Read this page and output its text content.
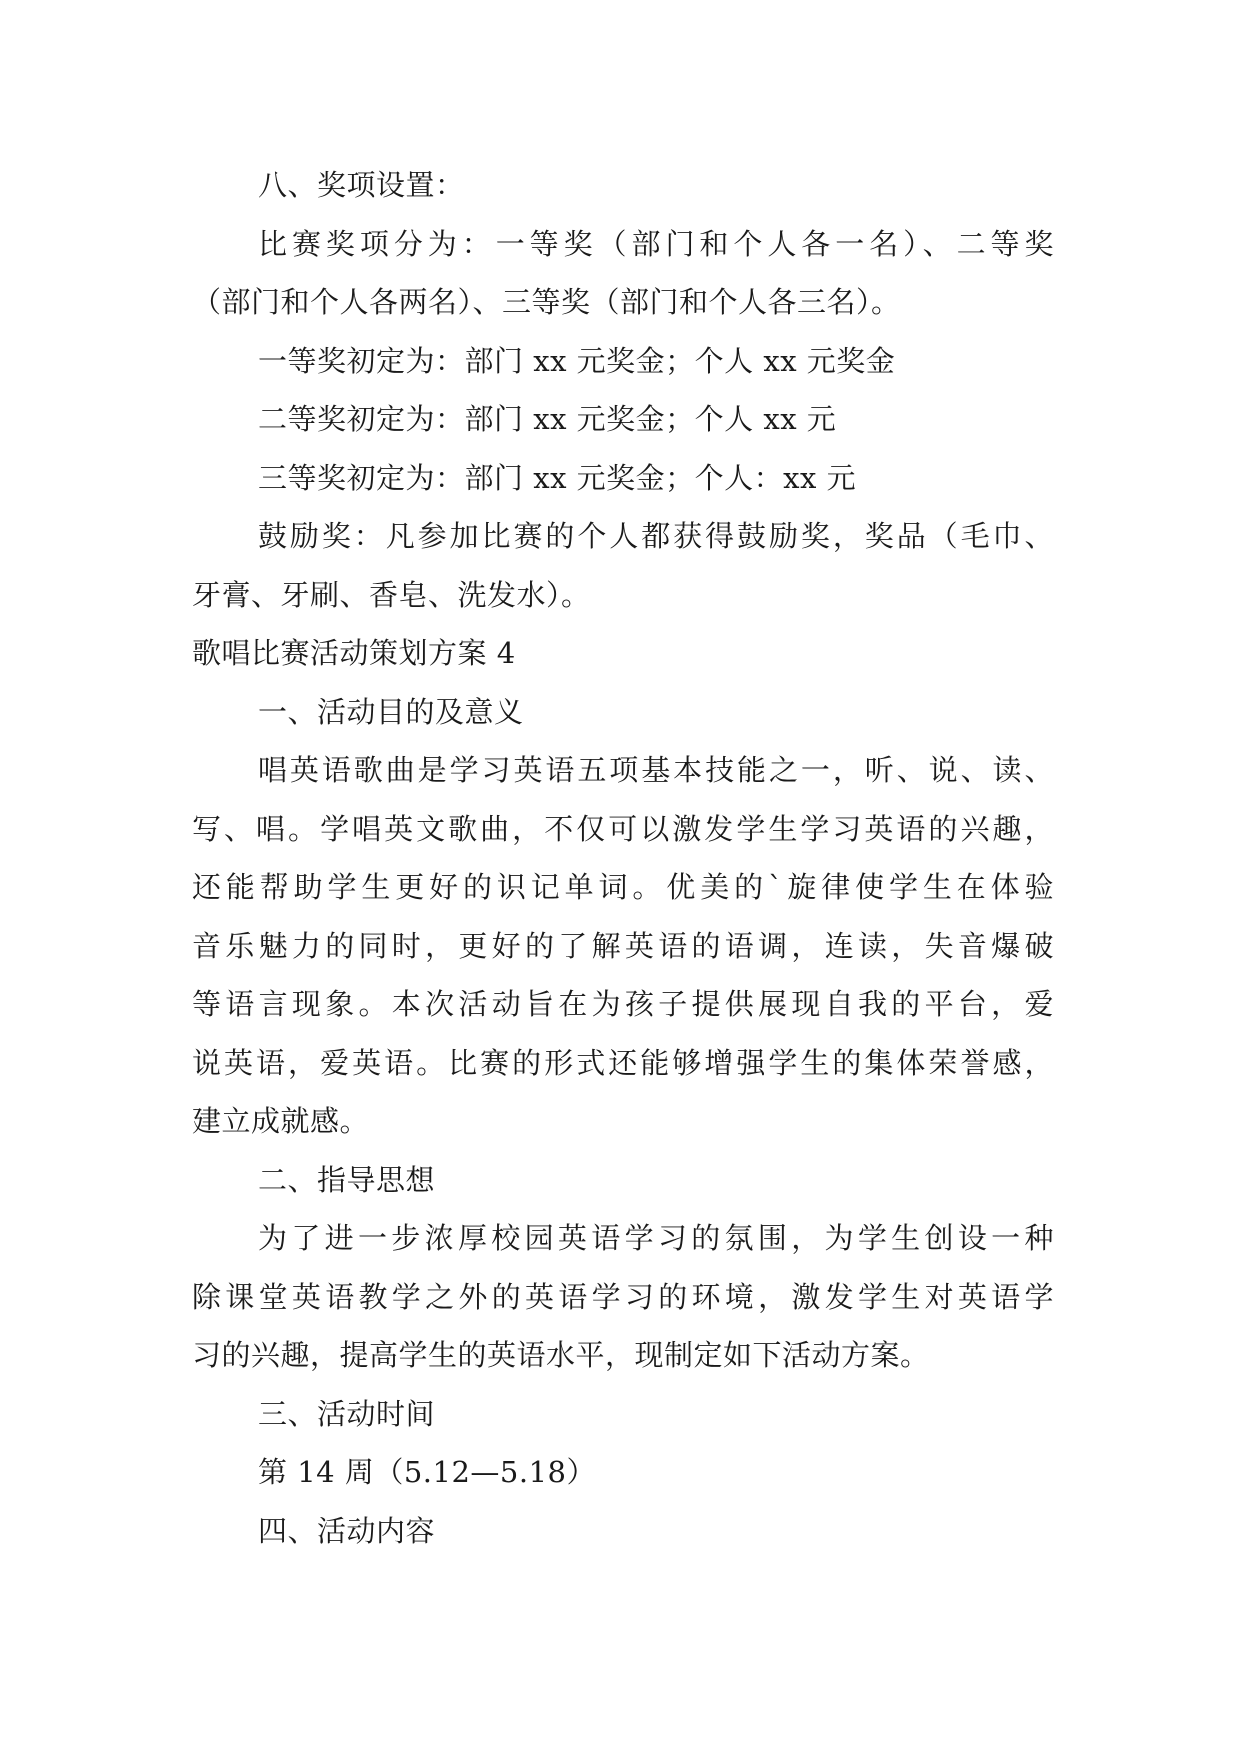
八、奖项设置：
比赛奖项分为：一等奖（部门和个人各一名）、二等奖
（部门和个人各两名）、三等奖（部门和个人各三名）。
一等奖初定为：部门 xx 元奖金；个人 xx 元奖金
二等奖初定为：部门 xx 元奖金；个人 xx 元
三等奖初定为：部门 xx 元奖金；个人：xx 元
鼓励奖：凡参加比赛的个人都获得鼓励奖，奖品（毛巾、
牙膏、牙刷、香皂、洗发水）。
歌唱比赛活动策划方案 4
一、活动目的及意义
唱英语歌曲是学习英语五项基本技能之一，听、说、读、
写、唱。学唱英文歌曲，不仅可以激发学生学习英语的兴趣，
还能帮助学生更好的识记单词。优美的`旋律使学生在体验
音乐魅力的同时，更好的了解英语的语调，连读，失音爆破
等语言现象。本次活动旨在为孩子提供展现自我的平台，爱
说英语，爱英语。比赛的形式还能够增强学生的集体荣誉感，
建立成就感。
二、指导思想
为了进一步浓厚校园英语学习的氛围，为学生创设一种
除课堂英语教学之外的英语学习的环境，激发学生对英语学
习的兴趣，提高学生的英语水平，现制定如下活动方案。
三、活动时间
第 14 周（5.12—5.18）
四、活动内容
